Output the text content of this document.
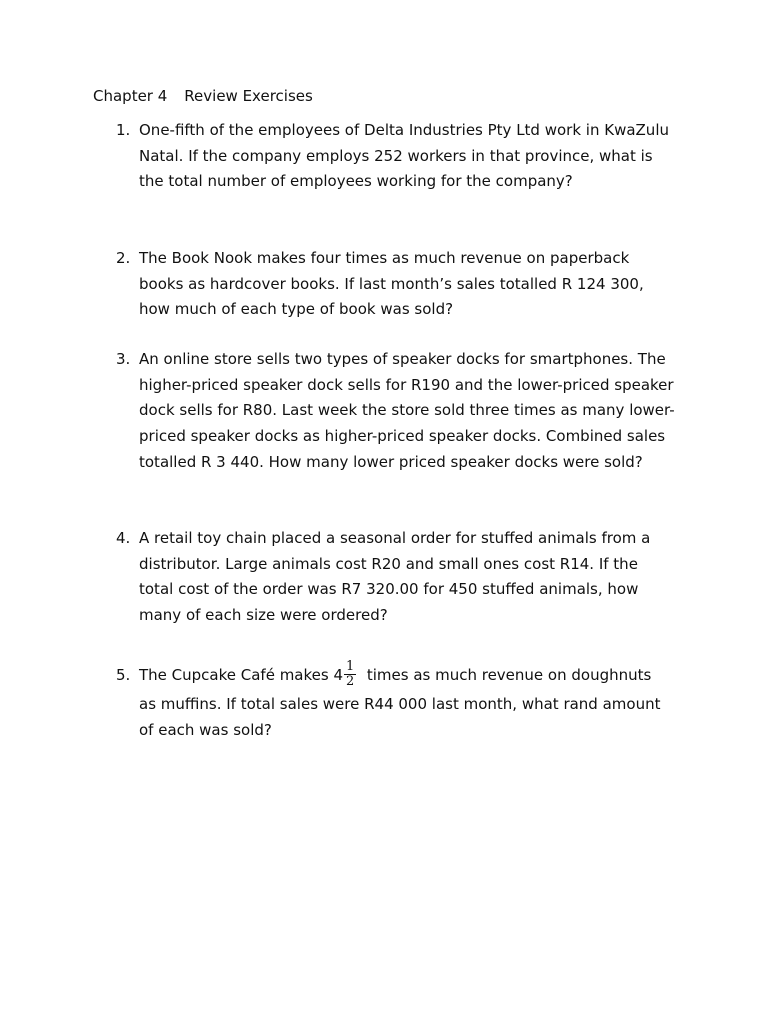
Chapter 4 Review Exercises
1. One-fifth of the employees of Delta Industries Pty Ltd work in KwaZulu Natal. If the company employs 252 workers in that province, what is the total number of employees working for the company?
2. The Book Nook makes four times as much revenue on paperback books as hardcover books. If last month’s sales totalled R 124 300, how much of each type of book was sold?
3. An online store sells two types of speaker docks for smartphones. The higher-priced speaker dock sells for R190 and the lower-priced speaker dock sells for R80. Last week the store sold three times as many lower-priced speaker docks as higher-priced speaker docks. Combined sales totalled R 3 440. How many lower priced speaker docks were sold?
4. A retail toy chain placed a seasonal order for stuffed animals from a distributor. Large animals cost R20 and small ones cost R14. If the total cost of the order was R7 320.00 for 450 stuffed animals, how many of each size were ordered?
5. The Cupcake Café makes $4 \frac{1}{2}$ times as much revenue on doughnuts
as muffins. If total sales were R44 000 last month, what rand amount of each was sold?
